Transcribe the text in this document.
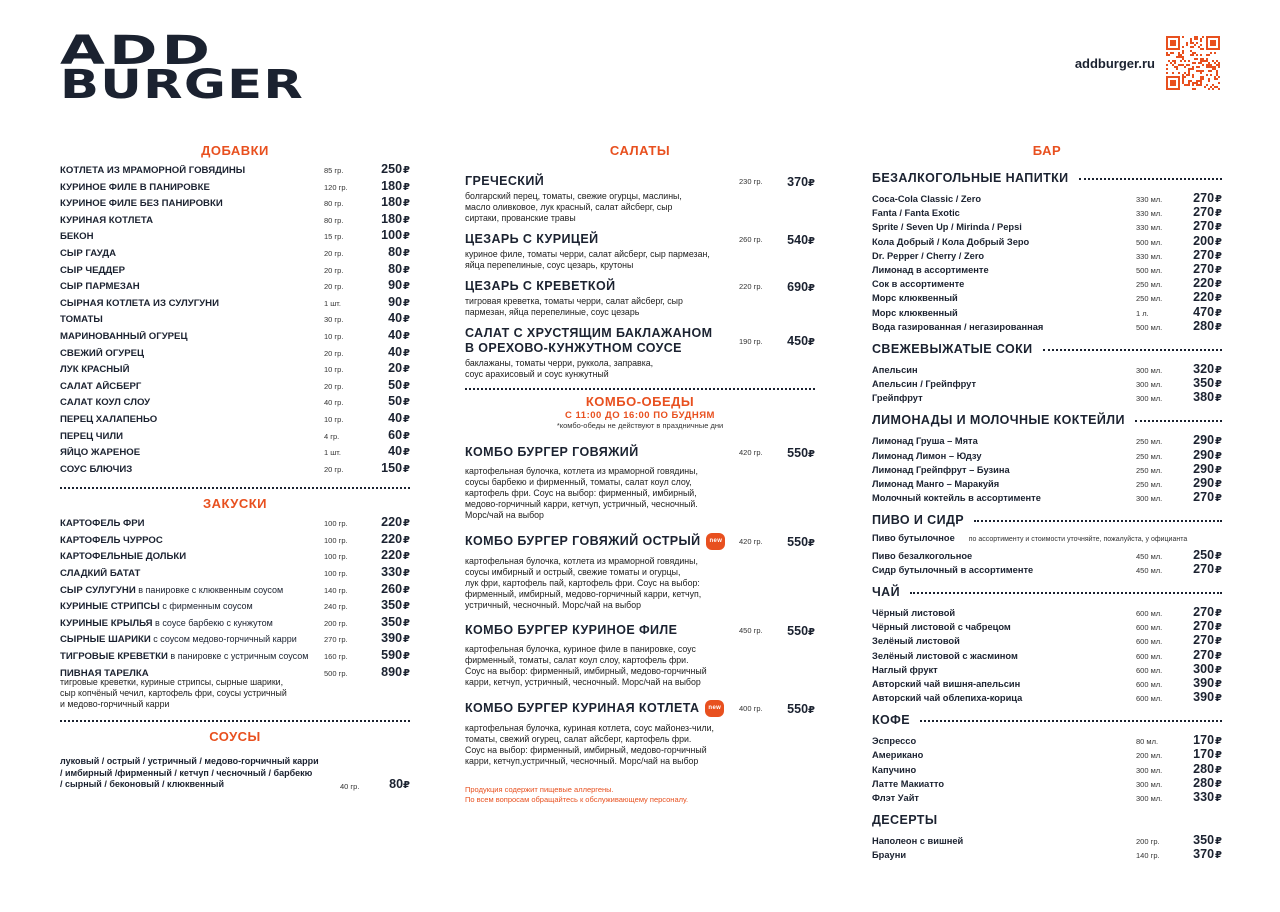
ADD
BURGER	addburger.ru
ДОБАВКИ
КОТЛЕТА ИЗ МРАМОРНОЙ ГОВЯДИНЫ	85 гр.	250₽
КУРИНОЕ ФИЛЕ В ПАНИРОВКЕ	120 гр.	180₽
КУРИНОЕ ФИЛЕ БЕЗ ПАНИРОВКИ	80 гр.	180₽
КУРИНАЯ КОТЛЕТА	80 гр.	180₽
БЕКОН	15 гр.	100₽
СЫР ГАУДА	20 гр.	80₽
СЫР ЧЕДДЕР	20 гр.	80₽
СЫР ПАРМЕЗАН	20 гр.	90₽
СЫРНАЯ КОТЛЕТА ИЗ СУЛУГУНИ	1 шт.	90₽
ТОМАТЫ	30 гр.	40₽
МАРИНОВАННЫЙ ОГУРЕЦ	10 гр.	40₽
СВЕЖИЙ ОГУРЕЦ	20 гр.	40₽
ЛУК КРАСНЫЙ	10 гр.	20₽
САЛАТ АЙСБЕРГ	20 гр.	50₽
САЛАТ КОУЛ СЛОУ	40 гр.	50₽
ПЕРЕЦ ХАЛАПЕНЬО	10 гр.	40₽
ПЕРЕЦ ЧИЛИ	4 гр.	60₽
ЯЙЦО ЖАРЕНОЕ	1 шт.	40₽
СОУС БЛЮЧИЗ	20 гр.	150₽
ЗАКУСКИ
КАРТОФЕЛЬ ФРИ	100 гр.	220₽
КАРТОФЕЛЬ ЧУРРОС	100 гр.	220₽
КАРТОФЕЛЬНЫЕ ДОЛЬКИ	100 гр.	220₽
СЛАДКИЙ БАТАТ	100 гр.	330₽
СЫР СУЛУГУНИ в панировке с клюквенным соусом	140 гр.	260₽
КУРИНЫЕ СТРИПСЫ с фирменным соусом	240 гр.	350₽
КУРИНЫЕ КРЫЛЬЯ в соусе барбекю с кунжутом	200 гр.	350₽
СЫРНЫЕ ШАРИКИ с соусом медово-горчичный карри	270 гр.	390₽
ТИГРОВЫЕ КРЕВЕТКИ в панировке с устричным соусом	160 гр.	590₽
ПИВНАЯ ТАРЕЛКА	500 гр.	890₽
тигровые креветки, куриные стрипсы, сырные шарики,
сыр копчёный чечил, картофель фри, соусы устричный
и медово-горчичный карри
СОУСЫ
луковый / острый / устричный / медово-горчичный карри
/ имбирный /фирменный / кетчуп / чесночный / барбекю
/ сырный / беконовый / клюквенный	40 гр.	80₽
САЛАТЫ
ГРЕЧЕСКИЙ	230 гр.	370₽
болгарский перец, томаты, свежие огурцы, маслины,
масло оливковое, лук красный, салат айсберг, сыр
сиртаки, прованские травы
ЦЕЗАРЬ С КУРИЦЕЙ	260 гр.	540₽
куриное филе, томаты черри, салат айсберг, сыр пармезан,
яйца перепелиные, соус цезарь, крутоны
ЦЕЗАРЬ С КРЕВЕТКОЙ	220 гр.	690₽
тигровая креветка, томаты черри, салат айсберг, сыр
пармезан, яйца перепелиные, соус цезарь
САЛАТ С ХРУСТЯЩИМ БАКЛАЖАНОМ
В ОРЕХОВО-КУНЖУТНОМ СОУСЕ	190 гр.	450₽
баклажаны, томаты черри, руккола, заправка,
соус арахисовый и соус кунжутный
КОМБО-ОБЕДЫ
С 11:00 ДО 16:00 ПО БУДНЯМ
*комбо-обеды не действуют в праздничные дни
КОМБО БУРГЕР ГОВЯЖИЙ	420 гр.	550₽
картофельная булочка, котлета из мраморной говядины,
соусы барбекю и фирменный, томаты, салат коул слоу,
картофель фри. Соус на выбор: фирменный, имбирный,
медово-горчичный карри, кетчуп, устричный, чесночный.
Морс/чай на выбор
КОМБО БУРГЕР ГОВЯЖИЙ ОСТРЫЙ new	420 гр.	550₽
картофельная булочка, котлета из мраморной говядины,
соусы имбирный и острый, свежие томаты и огурцы,
лук фри, картофель пай, картофель фри. Соус на выбор:
фирменный, имбирный, медово-горчичный карри, кетчуп,
устричный, чесночный. Морс/чай на выбор
КОМБО БУРГЕР КУРИНОЕ ФИЛЕ	450 гр.	550₽
картофельная булочка, куриное филе в панировке, соус
фирменный, томаты, салат коул слоу, картофель фри.
Соус на выбор: фирменный, имбирный, медово-горчичный
карри, кетчуп, устричный, чесночный. Морс/чай на выбор
КОМБО БУРГЕР КУРИНАЯ КОТЛЕТА new	400 гр.	550₽
картофельная булочка, куриная котлета, соус майонез-чили,
томаты, свежий огурец, салат айсберг, картофель фри.
Соус на выбор: фирменный, имбирный, медово-горчичный
карри, кетчуп,устричный, чесночный. Морс/чай на выбор
Продукция содержит пищевые аллергены.
По всем вопросам обращайтесь к обслуживающему персоналу.
БАР
БЕЗАЛКОГОЛЬНЫЕ НАПИТКИ
Coca-Cola Classic / Zero	330 мл.	270₽
Fanta / Fanta Exotic	330 мл.	270₽
Sprite / Seven Up / Mirinda / Pepsi	330 мл.	270₽
Кола Добрый / Кола Добрый Зеро	500 мл.	200₽
Dr. Pepper / Cherry / Zero	330 мл.	270₽
Лимонад в ассортименте	500 мл.	270₽
Сок в ассортименте	250 мл.	220₽
Морс клюквенный	250 мл.	220₽
Морс клюквенный	1 л.	470₽
Вода газированная / негазированная	500 мл.	280₽
СВЕЖЕВЫЖАТЫЕ СОКИ
Апельсин	300 мл.	320₽
Апельсин / Грейпфрут	300 мл.	350₽
Грейпфрут	300 мл.	380₽
ЛИМОНАДЫ И МОЛОЧНЫЕ КОКТЕЙЛИ
Лимонад Груша – Мята	250 мл.	290₽
Лимонад Лимон – Юдзу	250 мл.	290₽
Лимонад Грейпфрут – Бузина	250 мл.	290₽
Лимонад Манго – Маракуйя	250 мл.	290₽
Молочный коктейль в ассортименте	300 мл.	270₽
ПИВО И СИДР
Пиво бутылочное по ассортименту и стоимости уточняйте, пожалуйста, у официанта
Пиво безалкогольное	450 мл.	250₽
Сидр бутылочный в ассортименте	450 мл.	270₽
ЧАЙ
Чёрный листовой	600 мл.	270₽
Чёрный листовой с чабрецом	600 мл.	270₽
Зелёный листовой	600 мл.	270₽
Зелёный листовой с жасмином	600 мл.	270₽
Наглый фрукт	600 мл.	300₽
Авторский чай вишня-апельсин	600 мл.	390₽
Авторский чай облепиха-корица	600 мл.	390₽
КОФЕ
Эспрессо	80 мл.	170₽
Американо	200 мл.	170₽
Капучино	300 мл.	280₽
Латте Макиатто	300 мл.	280₽
Флэт Уайт	300 мл.	330₽
ДЕСЕРТЫ
Наполеон с вишней	200 гр.	350₽
Брауни	140 гр.	370₽
